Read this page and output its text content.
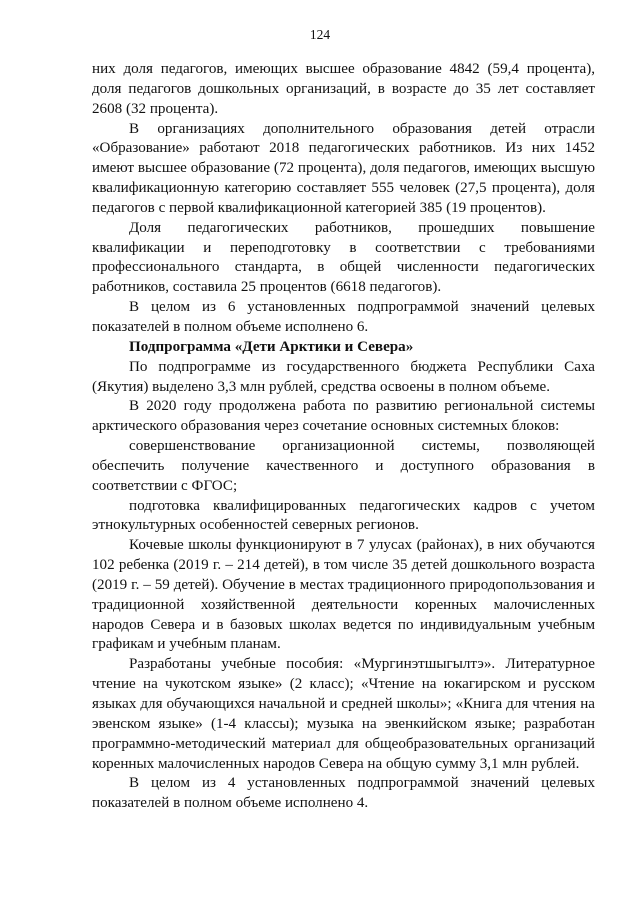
124

них доля педагогов, имеющих высшее образование 4842 (59,4 процента), доля педагогов дошкольных организаций, в возрасте до 35 лет составляет 2608 (32 процента).

В организациях дополнительного образования детей отрасли «Образование» работают 2018 педагогических работников. Из них 1452 имеют высшее образование (72 процента), доля педагогов, имеющих высшую квалификационную категорию составляет 555 человек (27,5 процента), доля педагогов с первой квалификационной категорией 385 (19 процентов).

Доля педагогических работников, прошедших повышение квалификации и переподготовку в соответствии с требованиями профессионального стандарта, в общей численности педагогических работников, составила 25 процентов (6618 педагогов).

В целом из 6 установленных подпрограммой значений целевых показателей в полном объеме исполнено 6.

Подпрограмма «Дети Арктики и Севера»

По подпрограмме из государственного бюджета Республики Саха (Якутия) выделено 3,3 млн рублей, средства освоены в полном объеме.

В 2020 году продолжена работа по развитию региональной системы арктического образования через сочетание основных системных блоков:

совершенствование организационной системы, позволяющей обеспечить получение качественного и доступного образования в соответствии с ФГОС;

подготовка квалифицированных педагогических кадров с учетом этнокультурных особенностей северных регионов.

Кочевые школы функционируют в 7 улусах (районах), в них обучаются 102 ребенка (2019 г. – 214 детей), в том числе 35 детей дошкольного возраста (2019 г. – 59 детей). Обучение в местах традиционного природопользования и традиционной хозяйственной деятельности коренных малочисленных народов Севера и в базовых школах ведется по индивидуальным учебным графикам и учебным планам.

Разработаны учебные пособия: «Мургинэтшыгылтэ». Литературное чтение на чукотском языке» (2 класс); «Чтение на юкагирском и русском языках для обучающихся начальной и средней школы»; «Книга для чтения на эвенском языке» (1-4 классы); музыка на эвенкийском языке; разработан программно-методический материал для общеобразовательных организаций коренных малочисленных народов Севера на общую сумму 3,1 млн рублей.

В целом из 4 установленных подпрограммой значений целевых показателей в полном объеме исполнено 4.
